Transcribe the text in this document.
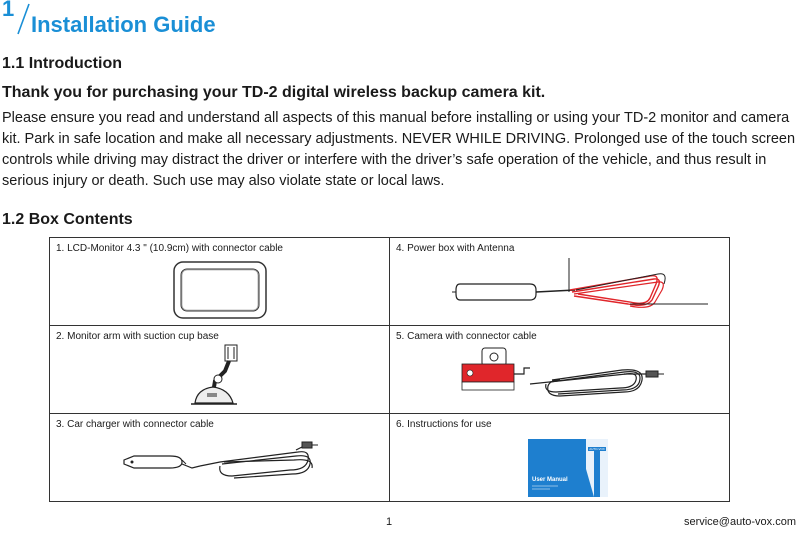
1
Installation Guide
1.1 Introduction
Thank you for purchasing your TD-2 digital wireless backup camera kit.
Please ensure you read and understand all aspects of this manual before installing or using your TD-2 monitor and camera kit. Park in safe location and make all necessary adjustments. NEVER WHILE DRIVING. Prolonged use of the touch screen controls while driving may distract the driver or interfere with the driver’s safe operation of the vehicle, and thus result in serious injury or death. Such use may also violate state or local laws.
1.2 Box Contents
1. LCD-Monitor 4.3 " (10.9cm) with connector cable	4. Power box with Antenna

2. Monitor arm with suction cup base	5. Camera with connector cable

3. Car charger with connector cable	6. Instructions for use
AUTO-VOX
User Manual
1	service@auto-vox.com
